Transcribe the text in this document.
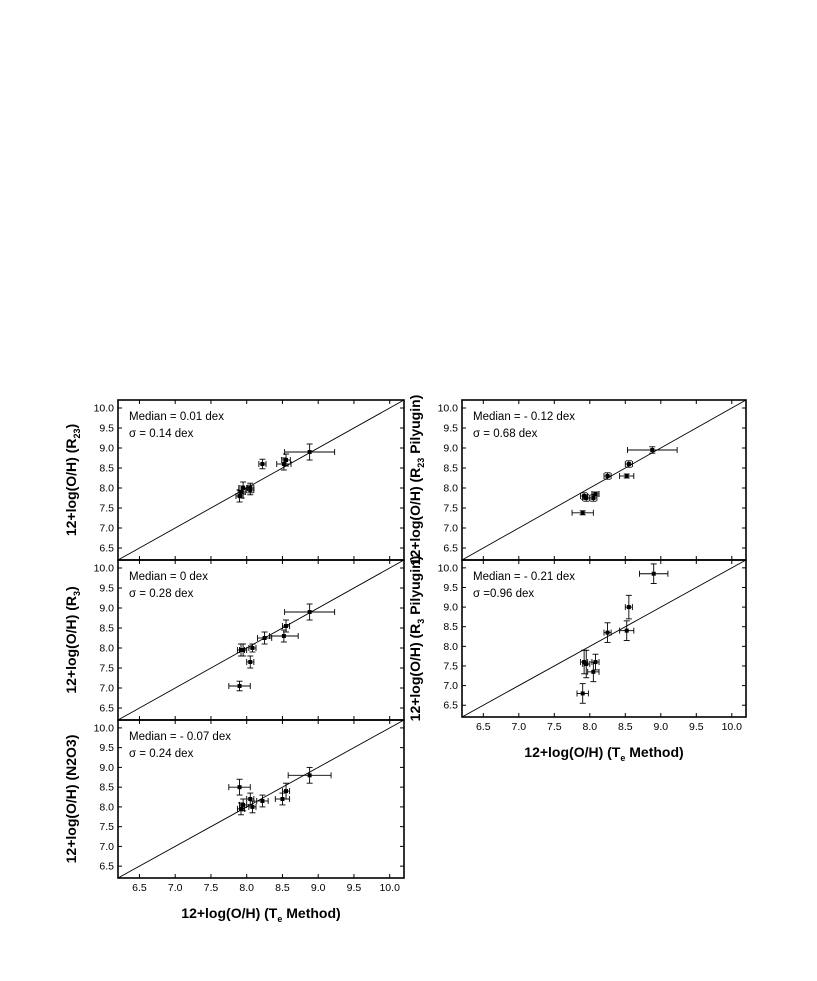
6.5
7.0
7.5
8.0
8.5
9.0
9.5
10.0
12+log(O/H) $(R_{23})$
Median = 0.01 dex
σ = 0.14 dex
6.5
7.0
7.5
8.0
8.5
9.0
9.5
10.0
12+log(O/H) $(R_3)$
Median = 0 dex
σ = 0.28 dex
6.5
7.0
7.5
8.0
8.5
9.0
9.5
10.0
6.5 7.0 7.5 8.0 8.5 9.0 9.5 10.0
12+log(O/H) ($T_e$ Method)
12+log(O/H) (N2O3)	Median = - 0.07 dex
σ = 0.24 dex
6.5
7.0
7.5
8.0
8.5
9.0
9.5
10.0
12+log(O/H) ($R_{23}$ Pilyugin)	Median = - 0.12 dex
σ = 0.68 dex
6.5
7.0
7.5
8.0
8.5
9.0
9.5
10.0
6.5 7.0 7.5 8.0 8.5 9.0 9.5 10.0
12+log(O/H) ($T_e$ Method)
12+log(O/H) ($R_3$ Pilyugin)	Median = - 0.21 dex
σ =0.96 dex
